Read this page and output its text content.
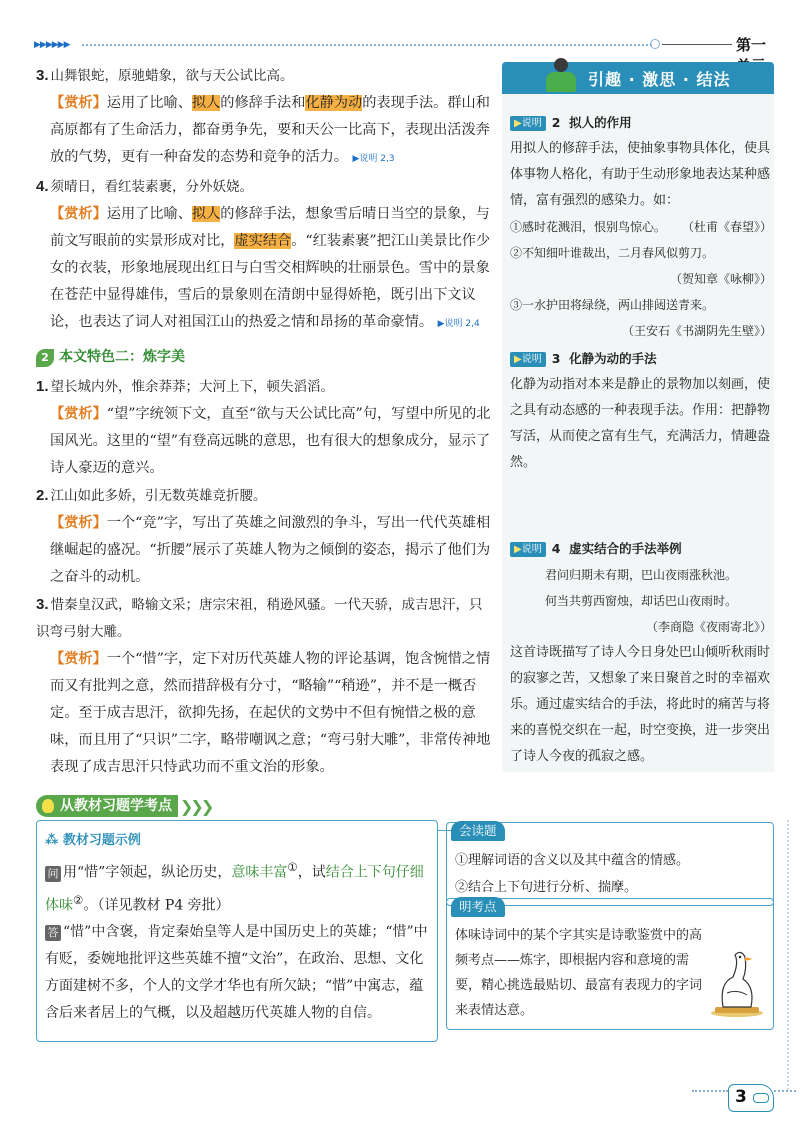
▶▶▶▶▶▶	第一

3. 山舞银蛇，原驰蜡象，欲与天公试比高。

【赏析】运用了比喻、拟人的修辞手法和化静为动的表现手法。群山和高原都有了生命活力，都奋勇争先，要和天公一比高下，表现出活泼奔放的气势，更有一种奋发的态势和竞争的活力。 ▶说明 2,3

4. 须晴日，看红装素裹，分外妖娆。

【赏析】运用了比喻、拟人的修辞手法，想象雪后晴日当空的景象，与前文写眼前的实景形成对比，虚实结合。“红装素裹”把江山美景比作少女的衣装，形象地展现出红日与白雪交相辉映的壮丽景色。雪中的景象在苍茫中显得雄伟，雪后的景象则在清朗中显得娇艳，既引出下文议论，也表达了词人对祖国江山的热爱之情和昂扬的革命豪情。 ▶说明 2,4

2 本文特色二：炼字美

1. 望长城内外，惟余莽莽；大河上下，顿失滔滔。

【赏析】“望”字统领下文，直至“欲与天公试比高”句，写望中所见的北国风光。这里的“望”有登高远眺的意思，也有很大的想象成分，显示了诗人豪迈的意兴。

2. 江山如此多娇，引无数英雄竞折腰。

【赏析】一个“竞”字，写出了英雄之间激烈的争斗，写出一代代英雄相继崛起的盛况。“折腰”展示了英雄人物为之倾倒的姿态，揭示了他们为之奋斗的动机。

3. 惜秦皇汉武，略输文采；唐宗宋祖，稍逊风骚。一代天骄，成吉思汗，只识弯弓射大雕。

【赏析】一个“惜”字，定下对历代英雄人物的评论基调，饱含惋惜之情而又有批判之意，然而措辞极有分寸，“略输”“稍逊”，并不是一概否定。至于成吉思汗，欲抑先扬，在起伏的文势中不但有惋惜之极的意味，而且用了“只识”二字，略带嘲讽之意；“弯弓射大雕”，非常传神地表现了成吉思汗只恃武功而不重文治的形象。

引趣 · 激思 · 结法
▶说明 2 拟人的作用

用拟人的修辞手法，使抽象事物具体化，使具体事物人格化，有助于生动形象地表达某种感情，富有强烈的感染力。如：

①感时花溅泪，恨别鸟惊心。	（杜甫《春望》）

②不知细叶谁裁出，二月春风似剪刀。

（贺知章《咏柳》）

③一水护田将绿绕，两山排闼送青来。

（王安石《书湖阴先生壁》）

▶说明 3 化静为动的手法

化静为动指对本来是静止的景物加以刻画，使之具有动态感的一种表现手法。作用：把静物写活，从而使之富有生气，充满活力，情趣盎然。

▶说明 4 虚实结合的手法举例

君问归期未有期，巴山夜雨涨秋池。

何当共剪西窗烛，却话巴山夜雨时。

（李商隐《夜雨寄北》）

这首诗既描写了诗人今日身处巴山倾听秋雨时的寂寥之苦，又想象了来日聚首之时的幸福欢乐。通过虚实结合的手法，将此时的痛苦与将来的喜悦交织在一起，时空变换，进一步突出了诗人今夜的孤寂之感。

从教材习题学考点 ❯❯❯
⁂ 教材习题示例

问 用“惜”字领起，纵论历史，意味丰富①，试结合上下句仔细体味②。（详见教材 P4 旁批）

答 “惜”中含褒，肯定秦始皇等人是中国历史上的英雄；“惜”中有贬，委婉地批评这些英雄不擅“文治”，在政治、思想、文化方面建树不多，个人的文学才华也有所欠缺；“惜”中寓志，蕴含后来者居上的气概，以及超越历代英雄人物的自信。

会读题

①理解词语的含义以及其中蕴含的情感。

②结合上下句进行分析、揣摩。

明考点

体味诗词中的某个字其实是诗歌鉴赏中的高频考点——炼字，即根据内容和意境的需要，精心挑选最贴切、最富有表现力的字词来表情达意。

3
